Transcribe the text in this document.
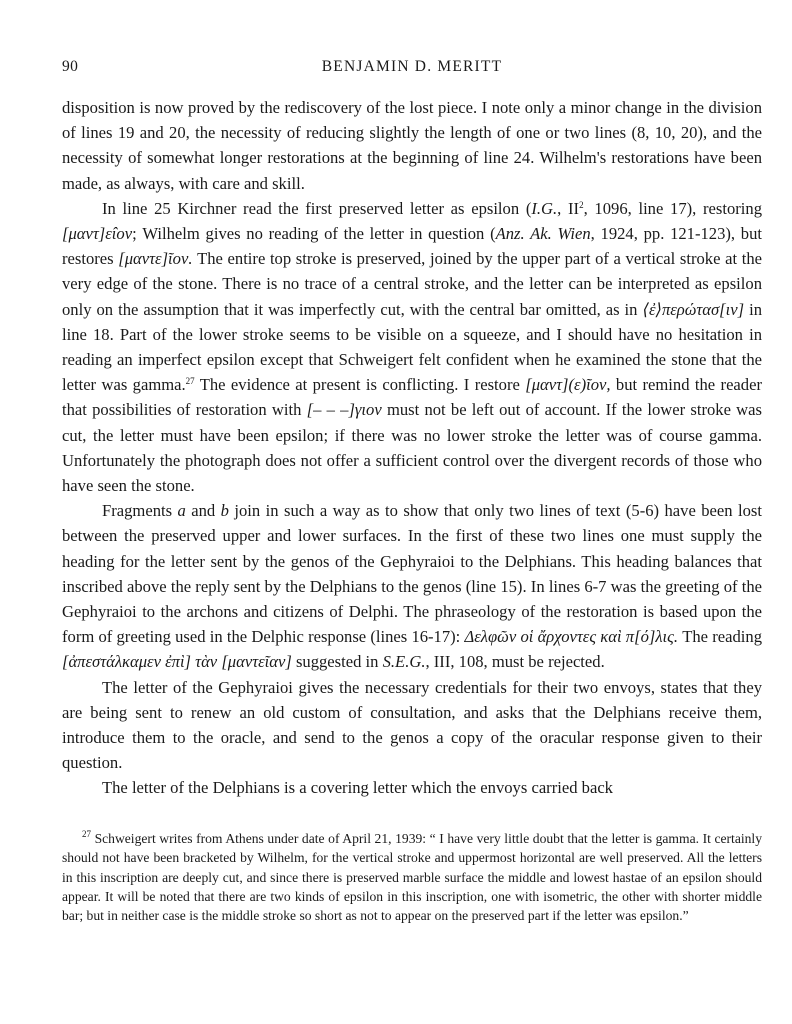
90	BENJAMIN D. MERITT

disposition is now proved by the rediscovery of the lost piece. I note only a minor change in the division of lines 19 and 20, the necessity of reducing slightly the length of one or two lines (8, 10, 20), and the necessity of somewhat longer restorations at the beginning of line 24. Wilhelm's restorations have been made, as always, with care and skill.

In line 25 Kirchner read the first preserved letter as epsilon (I.G., $II^2$, 1096, line 17), restoring [μαντ]ε̂ιον; Wilhelm gives no reading of the letter in question (Anz. Ak. Wien, 1924, pp. 121-123), but restores [μαντε]ῖον. The entire top stroke is preserved, joined by the upper part of a vertical stroke at the very edge of the stone. There is no trace of a central stroke, and the letter can be interpreted as epsilon only on the assumption that it was imperfectly cut, with the central bar omitted, as in ⟨ἐ⟩περώτασ[ιν] in line 18. Part of the lower stroke seems to be visible on a squeeze, and I should have no hesitation in reading an imperfect epsilon except that Schweigert felt confident when he examined the stone that the letter was gamma.$^{27}$ The evidence at present is conflicting. I restore [μαντ](ε)ῖον, but remind the reader that possibilities of restoration with [– – –]γιον must not be left out of account. If the lower stroke was cut, the letter must have been epsilon; if there was no lower stroke the letter was of course gamma. Unfortunately the photograph does not offer a sufficient control over the divergent records of those who have seen the stone.

Fragments a and b join in such a way as to show that only two lines of text (5-6) have been lost between the preserved upper and lower surfaces. In the first of these two lines one must supply the heading for the letter sent by the genos of the Gephyraioi to the Delphians. This heading balances that inscribed above the reply sent by the Delphians to the genos (line 15). In lines 6-7 was the greeting of the Gephyraioi to the archons and citizens of Delphi. The phraseology of the restoration is based upon the form of greeting used in the Delphic response (lines 16-17): Δελφῶν οἱ ἄρχοντες καὶ π[ό]λις. The reading [ἀπεστάλκαμεν ἐπὶ] τὰν [μαντεῖαν] suggested in S.E.G., III, 108, must be rejected.

The letter of the Gephyraioi gives the necessary credentials for their two envoys, states that they are being sent to renew an old custom of consultation, and asks that the Delphians receive them, introduce them to the oracle, and send to the genos a copy of the oracular response given to their question.

The letter of the Delphians is a covering letter which the envoys carried back

$^{27}$ Schweigert writes from Athens under date of April 21, 1939: “ I have very little doubt that the letter is gamma. It certainly should not have been bracketed by Wilhelm, for the vertical stroke and uppermost horizontal are well preserved. All the letters in this inscription are deeply cut, and since there is preserved marble surface the middle and lowest hastae of an epsilon should appear. It will be noted that there are two kinds of epsilon in this inscription, one with isometric, the other with shorter middle bar; but in neither case is the middle stroke so short as not to appear on the preserved part if the letter was epsilon.”
